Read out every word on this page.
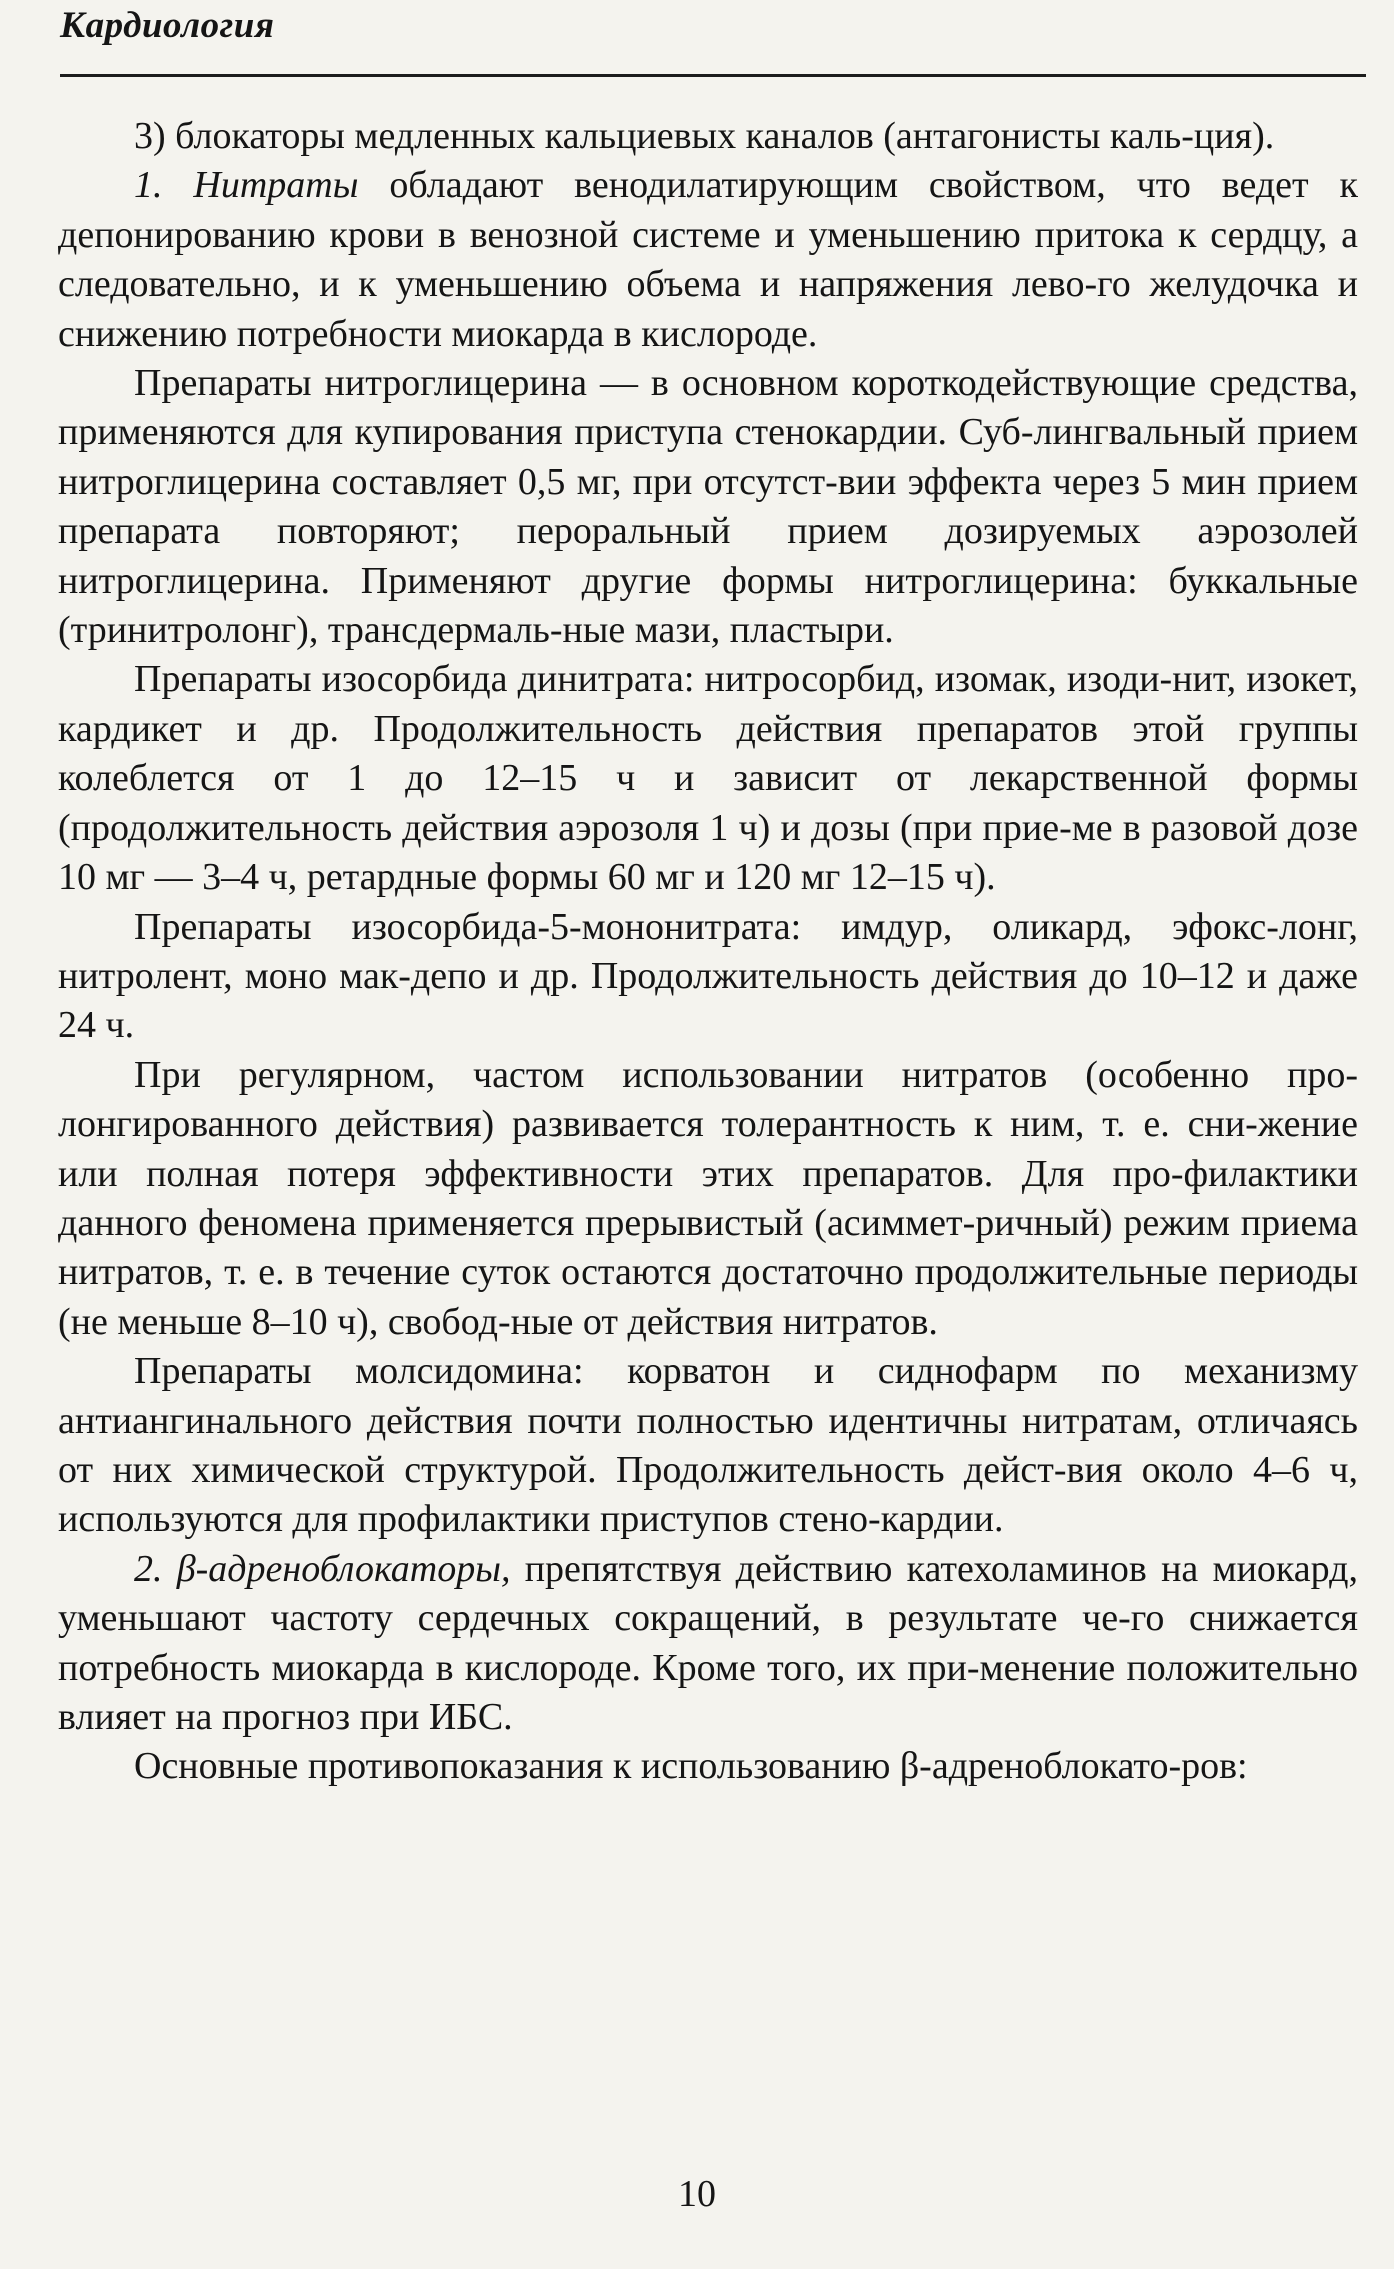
Кардиология

3) блокаторы медленных кальциевых каналов (антагонисты каль-ция).

1. Нитраты обладают венодилатирующим свойством, что ведет к депонированию крови в венозной системе и уменьшению притока к сердцу, а следовательно, и к уменьшению объема и напряжения лево-го желудочка и снижению потребности миокарда в кислороде.

Препараты нитроглицерина — в основном короткодействующие средства, применяются для купирования приступа стенокардии. Суб-лингвальный прием нитроглицерина составляет 0,5 мг, при отсутст-вии эффекта через 5 мин прием препарата повторяют; пероральный прием дозируемых аэрозолей нитроглицерина. Применяют другие формы нитроглицерина: буккальные (тринитролонг), трансдермаль-ные мази, пластыри.

Препараты изосорбида динитрата: нитросорбид, изомак, изоди-нит, изокет, кардикет и др. Продолжительность действия препаратов этой группы колеблется от 1 до 12–15 ч и зависит от лекарственной формы (продолжительность действия аэрозоля 1 ч) и дозы (при прие-ме в разовой дозе 10 мг — 3–4 ч, ретардные формы 60 мг и 120 мг 12–15 ч).

Препараты изосорбида-5-мононитрата: имдур, оликард, эфокс-лонг, нитролент, моно мак-депо и др. Продолжительность действия до 10–12 и даже 24 ч.

При регулярном, частом использовании нитратов (особенно про-лонгированного действия) развивается толерантность к ним, т. е. сни-жение или полная потеря эффективности этих препаратов. Для про-филактики данного феномена применяется прерывистый (асиммет-ричный) режим приема нитратов, т. е. в течение суток остаются достаточно продолжительные периоды (не меньше 8–10 ч), свобод-ные от действия нитратов.

Препараты молсидомина: корватон и сиднофарм по механизму антиангинального действия почти полностью идентичны нитратам, отличаясь от них химической структурой. Продолжительность дейст-вия около 4–6 ч, используются для профилактики приступов стено-кардии.

2. β-адреноблокаторы, препятствуя действию катехоламинов на миокард, уменьшают частоту сердечных сокращений, в результате че-го снижается потребность миокарда в кислороде. Кроме того, их при-менение положительно влияет на прогноз при ИБС.

Основные противопоказания к использованию β-адреноблокато-ров:

10
